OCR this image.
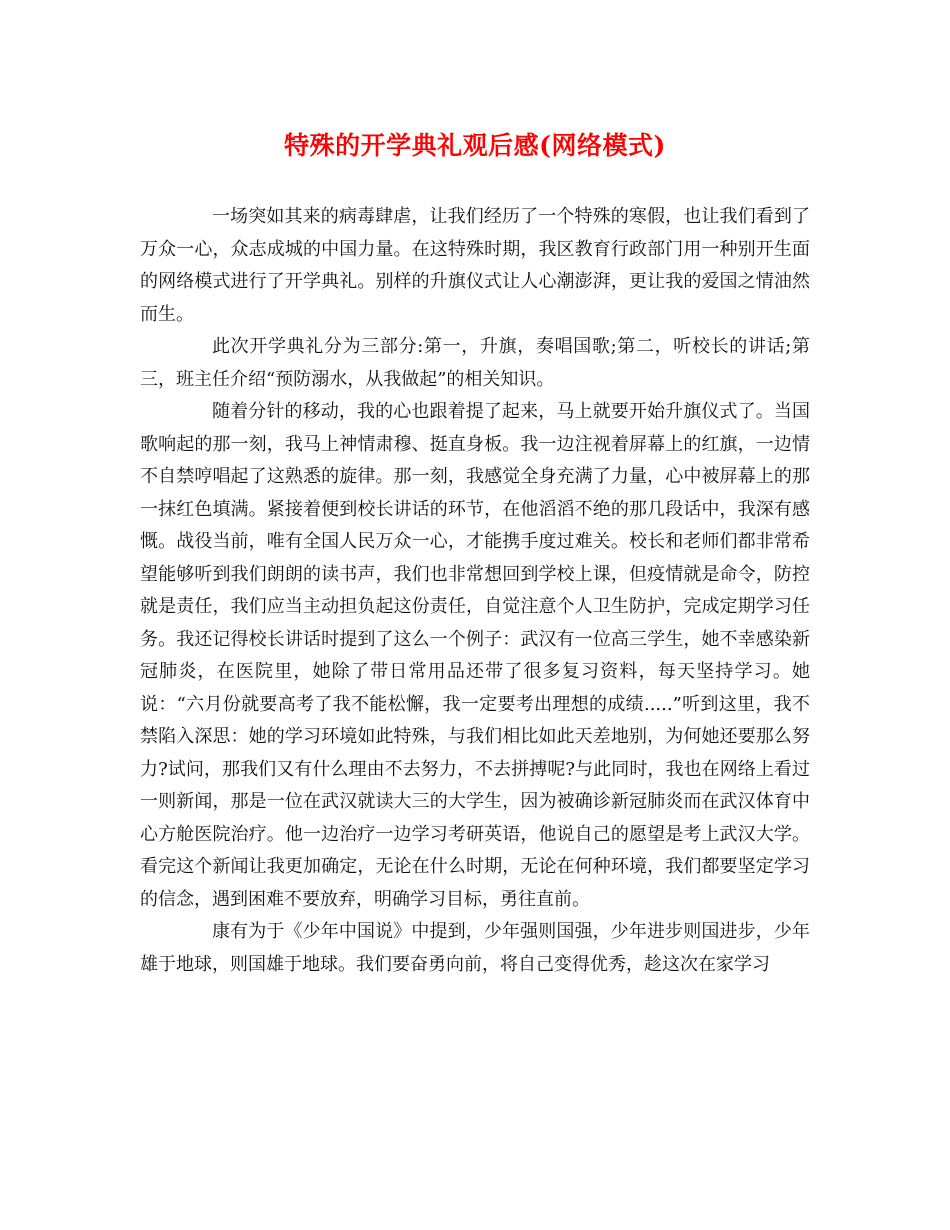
特殊的开学典礼观后感(网络模式)

一场突如其来的病毒肆虐，让我们经历了一个特殊的寒假，也让我们看到了万众一心，众志成城的中国力量。在这特殊时期，我区教育行政部门用一种别开生面的网络模式进行了开学典礼。别样的升旗仪式让人心潮澎湃，更让我的爱国之情油然而生。

此次开学典礼分为三部分:第一，升旗，奏唱国歌;第二，听校长的讲话;第三，班主任介绍“预防溺水，从我做起”的相关知识。

随着分针的移动，我的心也跟着提了起来，马上就要开始升旗仪式了。当国歌响起的那一刻，我马上神情肃穆、挺直身板。我一边注视着屏幕上的红旗，一边情不自禁哼唱起了这熟悉的旋律。那一刻，我感觉全身充满了力量，心中被屏幕上的那一抹红色填满。紧接着便到校长讲话的环节，在他滔滔不绝的那几段话中，我深有感慨。战役当前，唯有全国人民万众一心，才能携手度过难关。校长和老师们都非常希望能够听到我们朗朗的读书声，我们也非常想回到学校上课，但疫情就是命令，防控就是责任，我们应当主动担负起这份责任，自觉注意个人卫生防护，完成定期学习任务。我还记得校长讲话时提到了这么一个例子：武汉有一位高三学生，她不幸感染新冠肺炎，在医院里，她除了带日常用品还带了很多复习资料，每天坚持学习。她说：“六月份就要高考了我不能松懈，我一定要考出理想的成绩.....”听到这里，我不禁陷入深思：她的学习环境如此特殊，与我们相比如此天差地别，为何她还要那么努力?试问，那我们又有什么理由不去努力，不去拼搏呢?与此同时，我也在网络上看过一则新闻，那是一位在武汉就读大三的大学生，因为被确诊新冠肺炎而在武汉体育中心方舱医院治疗。他一边治疗一边学习考研英语，他说自己的愿望是考上武汉大学。看完这个新闻让我更加确定，无论在什么时期，无论在何种环境，我们都要坚定学习的信念，遇到困难不要放弃，明确学习目标，勇往直前。

康有为于《少年中国说》中提到，少年强则国强，少年进步则国进步，少年雄于地球，则国雄于地球。我们要奋勇向前，将自己变得优秀，趁这次在家学习
